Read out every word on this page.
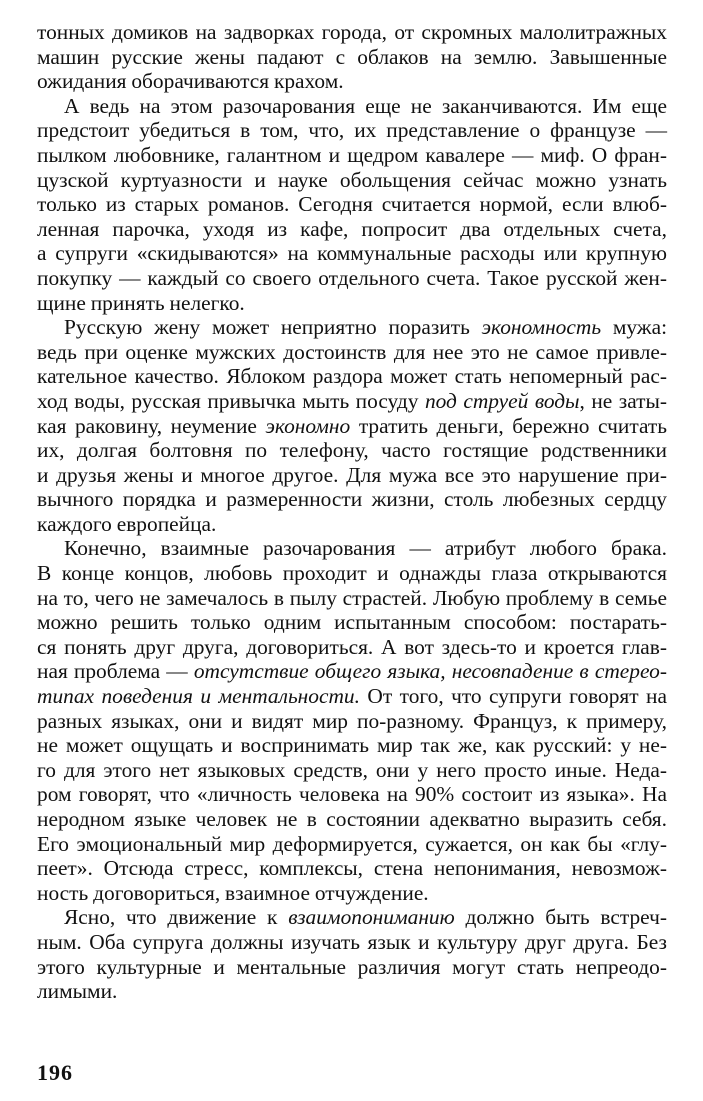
тонных домиков на задворках города, от скромных малолитражных
машин русские жены падают с облаков на землю. Завышенные
ожидания оборачиваются крахом.
А ведь на этом разочарования еще не заканчиваются. Им еще
предстоит убедиться в том, что, их представление о французе —
пылком любовнике, галантном и щедром кавалере — миф. О фран-
цузской куртуазности и науке обольщения сейчас можно узнать
только из старых романов. Сегодня считается нормой, если влюб-
ленная парочка, уходя из кафе, попросит два отдельных счета,
а супруги «скидываются» на коммунальные расходы или крупную
покупку — каждый со своего отдельного счета. Такое русской жен-
щине принять нелегко.
Русскую жену может неприятно поразить экономность мужа:
ведь при оценке мужских достоинств для нее это не самое привле-
кательное качество. Яблоком раздора может стать непомерный рас-
ход воды, русская привычка мыть посуду под струей воды, не заты-
кая раковину, неумение экономно тратить деньги, бережно считать
их, долгая болтовня по телефону, часто гостящие родственники
и друзья жены и многое другое. Для мужа все это нарушение при-
вычного порядка и размеренности жизни, столь любезных сердцу
каждого европейца.
Конечно, взаимные разочарования — атрибут любого брака.
В конце концов, любовь проходит и однажды глаза открываются
на то, чего не замечалось в пылу страстей. Любую проблему в семье
можно решить только одним испытанным способом: постарать-
ся понять друг друга, договориться. А вот здесь-то и кроется глав-
ная проблема — отсутствие общего языка, несовпадение в стерео-
типах поведения и ментальности. От того, что супруги говорят на
разных языках, они и видят мир по-разному. Француз, к примеру,
не может ощущать и воспринимать мир так же, как русский: у не-
го для этого нет языковых средств, они у него просто иные. Неда-
ром говорят, что «личность человека на 90% состоит из языка». На
неродном языке человек не в состоянии адекватно выразить себя.
Его эмоциональный мир деформируется, сужается, он как бы «глу-
пеет». Отсюда стресс, комплексы, стена непонимания, невозмож-
ность договориться, взаимное отчуждение.
Ясно, что движение к взаимопониманию должно быть встреч-
ным. Оба супруга должны изучать язык и культуру друг друга. Без
этого культурные и ментальные различия могут стать непреодо-
лимыми.
196
